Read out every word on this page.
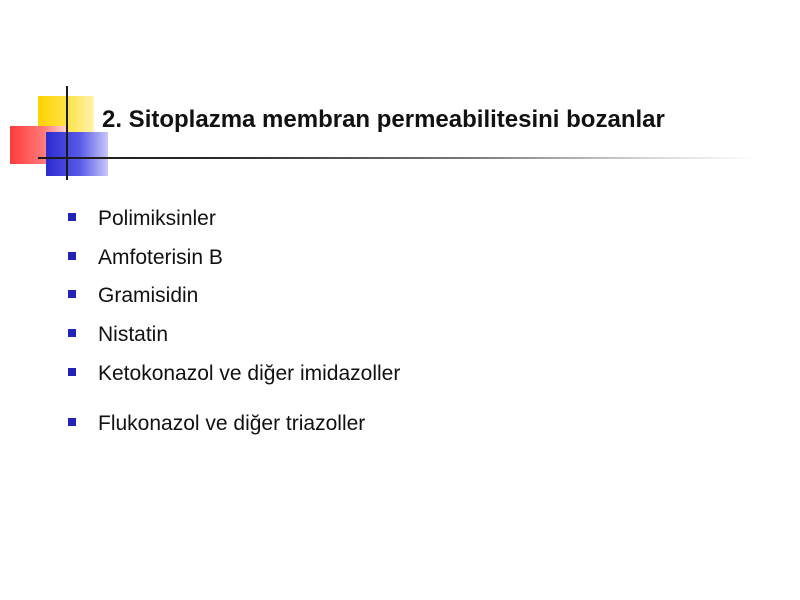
2. Sitoplazma membran permeabilitesini bozanlar
Polimiksinler
Amfoterisin B
Gramisidin
Nistatin
Ketokonazol ve diğer imidazoller
Flukonazol ve diğer triazoller
